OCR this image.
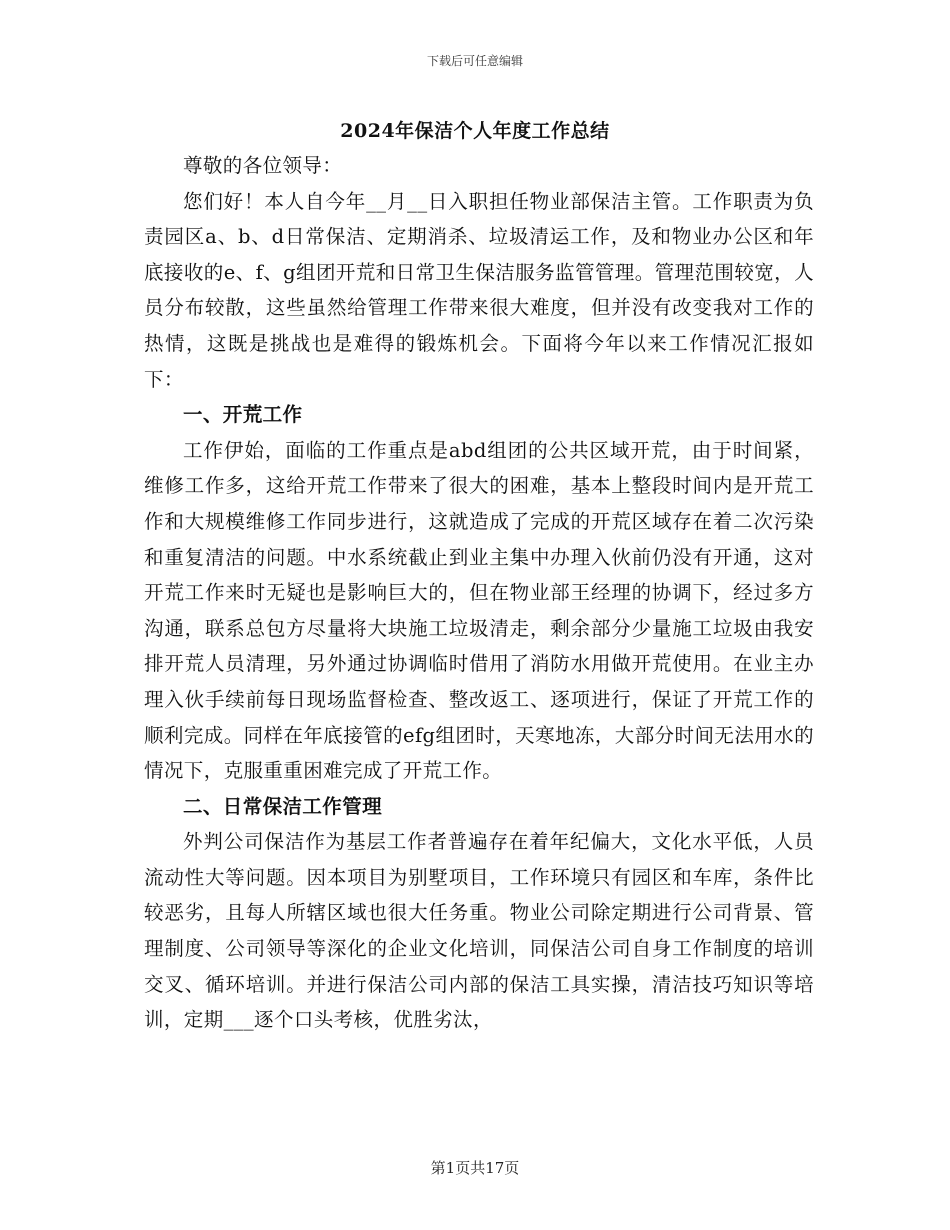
下载后可任意编辑
2024年保洁个人年度工作总结

尊敬的各位领导：

您们好！本人自今年__月__日入职担任物业部保洁主管。工作职责为负责园区a、b、d日常保洁、定期消杀、垃圾清运工作，及和物业办公区和年底接收的e、f、g组团开荒和日常卫生保洁服务监管管理。管理范围较宽，人员分布较散，这些虽然给管理工作带来很大难度，但并没有改变我对工作的热情，这既是挑战也是难得的锻炼机会。下面将今年以来工作情况汇报如下：

一、开荒工作

工作伊始，面临的工作重点是abd组团的公共区域开荒，由于时间紧，维修工作多，这给开荒工作带来了很大的困难，基本上整段时间内是开荒工作和大规模维修工作同步进行，这就造成了完成的开荒区域存在着二次污染和重复清洁的问题。中水系统截止到业主集中办理入伙前仍没有开通，这对开荒工作来时无疑也是影响巨大的，但在物业部王经理的协调下，经过多方沟通，联系总包方尽量将大块施工垃圾清走，剩余部分少量施工垃圾由我安排开荒人员清理，另外通过协调临时借用了消防水用做开荒使用。在业主办理入伙手续前每日现场监督检查、整改返工、逐项进行，保证了开荒工作的顺利完成。同样在年底接管的efg组团时，天寒地冻，大部分时间无法用水的情况下，克服重重困难完成了开荒工作。

二、日常保洁工作管理

外判公司保洁作为基层工作者普遍存在着年纪偏大，文化水平低，人员流动性大等问题。因本项目为别墅项目，工作环境只有园区和车库，条件比较恶劣，且每人所辖区域也很大任务重。物业公司除定期进行公司背景、管理制度、公司领导等深化的企业文化培训，同保洁公司自身工作制度的培训交叉、循环培训。并进行保洁公司内部的保洁工具实操，清洁技巧知识等培训，定期___逐个口头考核，优胜劣汰，

第1页共17页
